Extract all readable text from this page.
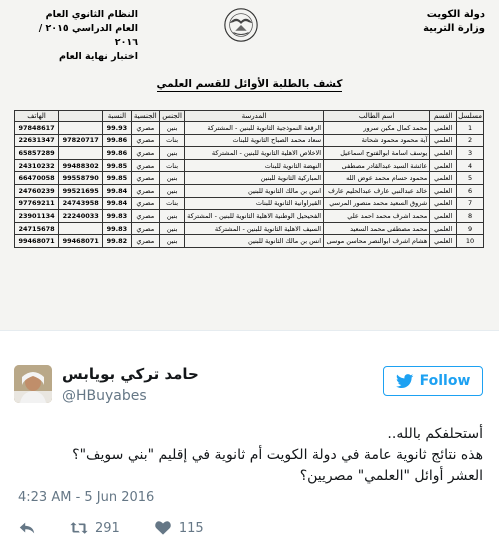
دولة الكويت
وزارة التربية
النظام الثانوي العام
العام الدراسي ٢٠١٥ / ٢٠١٦
اختبار نهاية العام
كشف بالطلبة الأوائل للقسم العلمي
مسلسل	القسم	اسم الطالب	المدرسة	الجنس	الجنسية	النسبة		الهاتف
1	العلمي	محمد كمال مكين سرور	الرقعة النموذجية الثانوية للبنين - المشتركة	بنين	مصري	99.93		97848617
2	العلمي	آية محمود محمود شحاتة	سعاد محمد الصباح الثانوية للبنات	بنات	مصري	99.86	97820717	22631347
3	العلمي	يوسف اسامة ابوالفتوح اسماعيل	الاخلاص الاهلية الثانوية للبنين - المشتركة	بنين	مصري	99.86		65857289
4	العلمي	عائشة السيد عبدالقادر مصطفى	النهضة الثانوية للبنات	بنات	مصري	99.85	99488302	24310232
5	العلمي	محمود حسام محمد عوض الله	المباركية الثانوية للبنين	بنين	مصري	99.85	99558790	66470058
6	العلمي	خالد عبدالنبي عارف عبدالحليم عارف	انس بن مالك الثانوية للبنين	بنين	مصري	99.84	99521695	24760239
7	العلمي	شروق السعيد محمد منصور المرسي	القيراوانية الثانوية للبنات	بنات	مصري	99.84	24743958	97769211
8	العلمي	محمد اشرف محمد احمد علي	الفحيحيل الوطنية الاهلية الثانوية للبنين - المشتركة	بنين	مصري	99.83	22240033	23901134
9	العلمي	محمد مصطفى محمد السعيد	السيف الاهلية الثانوية للبنين - المشتركة	بنين	مصري	99.83		24715678
10	العلمي	هشام اشرف ابوالنصر محاسن موسى	انس بن مالك الثانوية للبنين	بنين	مصري	99.82	99468071	99468071
حامد تركي بويابس
@HBuyabes
Follow
أستحلفكم بالله..
هذه نتائج ثانوية عامة في دولة الكويت أم ثانوية في إقليم "بني سويف"؟
العشر أوائل "العلمي" مصريين؟
4:23 AM - 5 Jun 2016
291	115
